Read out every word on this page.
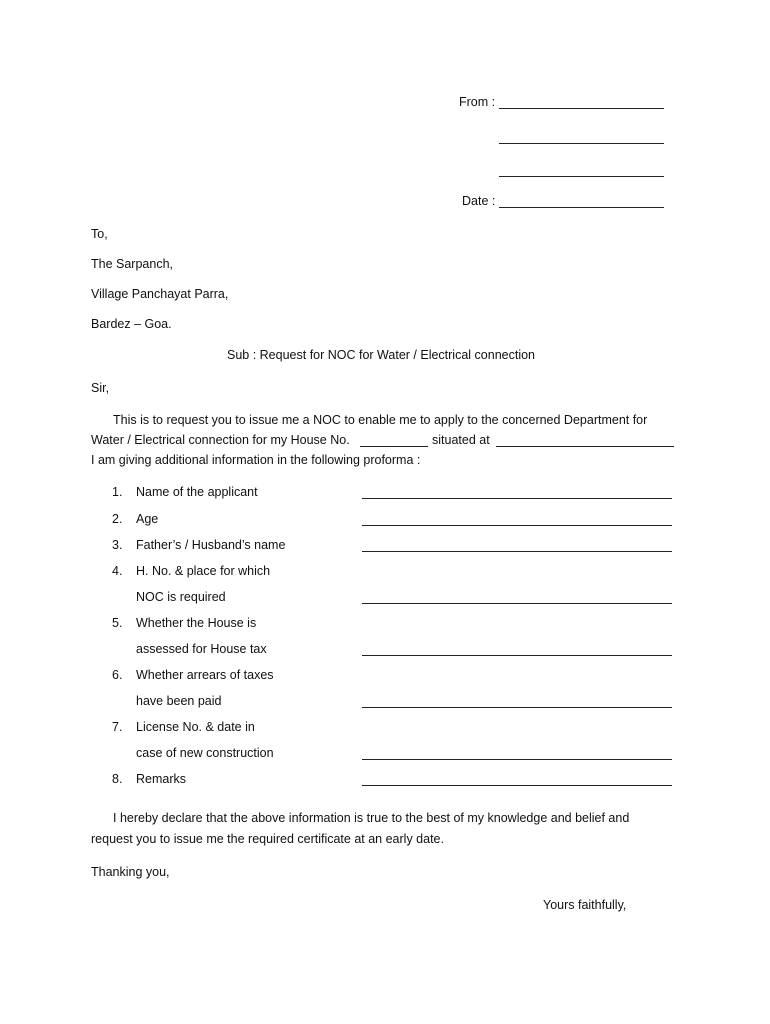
From :
Date :
To,
The Sarpanch,
Village Panchayat Parra,
Bardez – Goa.
Sub : Request for NOC for Water / Electrical connection
Sir,
This is to request you to issue me a NOC to enable me to apply to the concerned Department for
Water / Electrical connection for my House No.	situated at
I am giving additional information in the following proforma :
1.	Name of the applicant
2.	Age
3.	Father’s / Husband’s name
4.	H. No. & place for which
NOC is required
5.	Whether the House is
assessed for House tax
6.	Whether arrears of taxes
have been paid
7.	License No. & date in
case of new construction
8.	Remarks
I hereby declare that the above information is true to the best of my knowledge and belief and
request you to issue me the required certificate at an early date.
Thanking you,
Yours faithfully,
